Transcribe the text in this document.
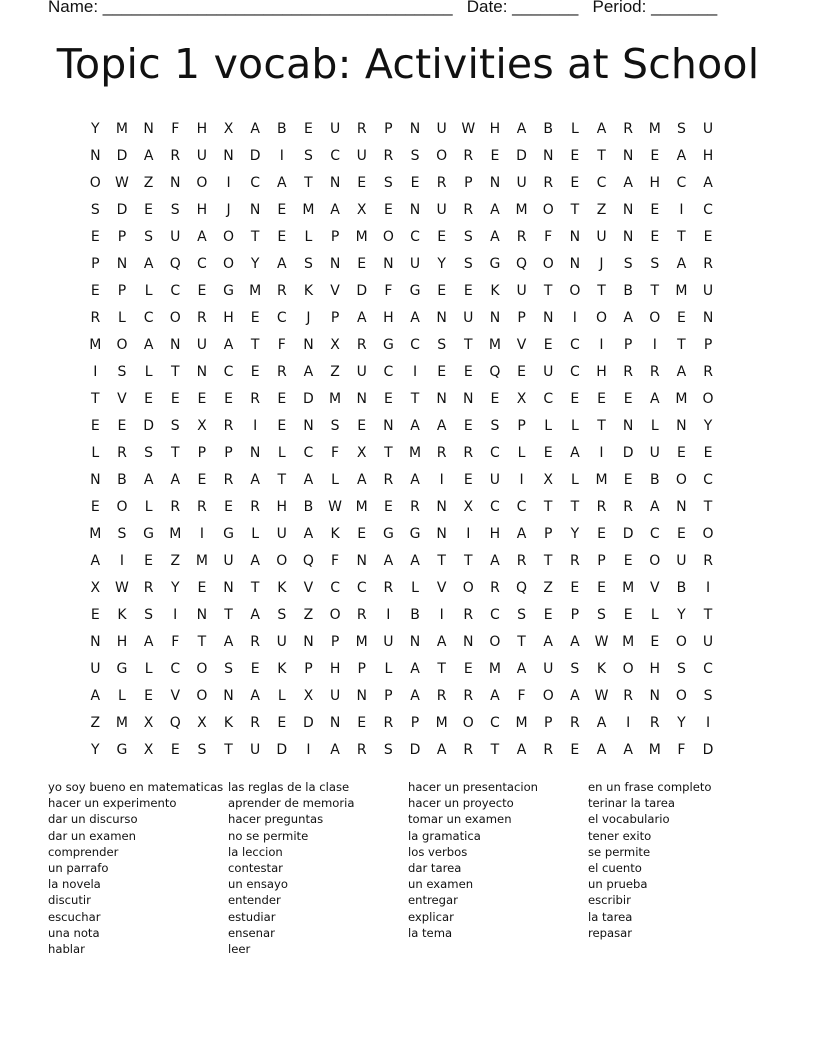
Name: _____________________________________   Date: _______   Period: _______
Topic 1 vocab: Activities at School
Y	M	N	F	H	X	A	B	E	U	R	P	N	U	W	H	A	B	L	A	R	M	S	U
N	D	A	R	U	N	D	I	S	C	U	R	S	O	R	E	D	N	E	T	N	E	A	H
O	W	Z	N	O	I	C	A	T	N	E	S	E	R	P	N	U	R	E	C	A	H	C	A
S	D	E	S	H	J	N	E	M	A	X	E	N	U	R	A	M	O	T	Z	N	E	I	C
E	P	S	U	A	O	T	E	L	P	M	O	C	E	S	A	R	F	N	U	N	E	T	E
P	N	A	Q	C	O	Y	A	S	N	E	N	U	Y	S	G	Q	O	N	J	S	S	A	R
E	P	L	C	E	G	M	R	K	V	D	F	G	E	E	K	U	T	O	T	B	T	M	U
R	L	C	O	R	H	E	C	J	P	A	H	A	N	U	N	P	N	I	O	A	O	E	N
M	O	A	N	U	A	T	F	N	X	R	G	C	S	T	M	V	E	C	I	P	I	T	P
I	S	L	T	N	C	E	R	A	Z	U	C	I	E	E	Q	E	U	C	H	R	R	A	R
T	V	E	E	E	E	R	E	D	M	N	E	T	N	N	E	X	C	E	E	E	A	M	O
E	E	D	S	X	R	I	E	N	S	E	N	A	A	E	S	P	L	L	T	N	L	N	Y
L	R	S	T	P	P	N	L	C	F	X	T	M	R	R	C	L	E	A	I	D	U	E	E
N	B	A	A	E	R	A	T	A	L	A	R	A	I	E	U	I	X	L	M	E	B	O	C
E	O	L	R	R	E	R	H	B	W M	E	R	N	X	C	C	T	T	R	R	A	N	T
M	S	G	M	I	G	L	U	A	K	E	G	G	N	I	H	A	P	Y	E	D	C	E	O
A	I	E	Z	M	U	A	O	Q	F	N	A	A	T	T	A	R	T	R	P	E	O	U	R
X	W	R	Y	E	N	T	K	V	C	C	R	L	V	O	R	Q	Z	E	E	M	V	B	I
E	K	S	I	N	T	A	S	Z	O	R	I	B	I	R	C	S	E	P	S	E	L	Y	T
N	H	A	F	T	A	R	U	N	P	M	U	N	A	N	O	T	A	A	W M	E	O	U
U	G	L	C	O	S	E	K	P	H	P	L	A	T	E	M	A	U	S	K	O	H	S	C
A	L	E	V	O	N	A	L	X	U	N	P	A	R	R	A	F	O	A	W	R	N	O	S
Z	M	X	Q	X	K	R	E	D	N	E	R	P	M	O	C	M	P	R	A	I	R	Y	I
Y	G	X	E	S	T	U	D	I	A	R	S	D	A	R	T	A	R	E	A	A	M	F	D
yo soy bueno en matematicas
hacer un experimento
dar un discurso
dar un examen
comprender
un parrafo
la novela
discutir
escuchar
una nota
hablar
las reglas de la clase
aprender de memoria
hacer preguntas
no se permite
la leccion
contestar
un ensayo
entender
estudiar
ensenar
leer
hacer un presentacion
hacer un proyecto
tomar un examen
la gramatica
los verbos
dar tarea
un examen
entregar
explicar
la tema
en un frase completo
terinar la tarea
el vocabulario
tener exito
se permite
el cuento
un prueba
escribir
la tarea
repasar
